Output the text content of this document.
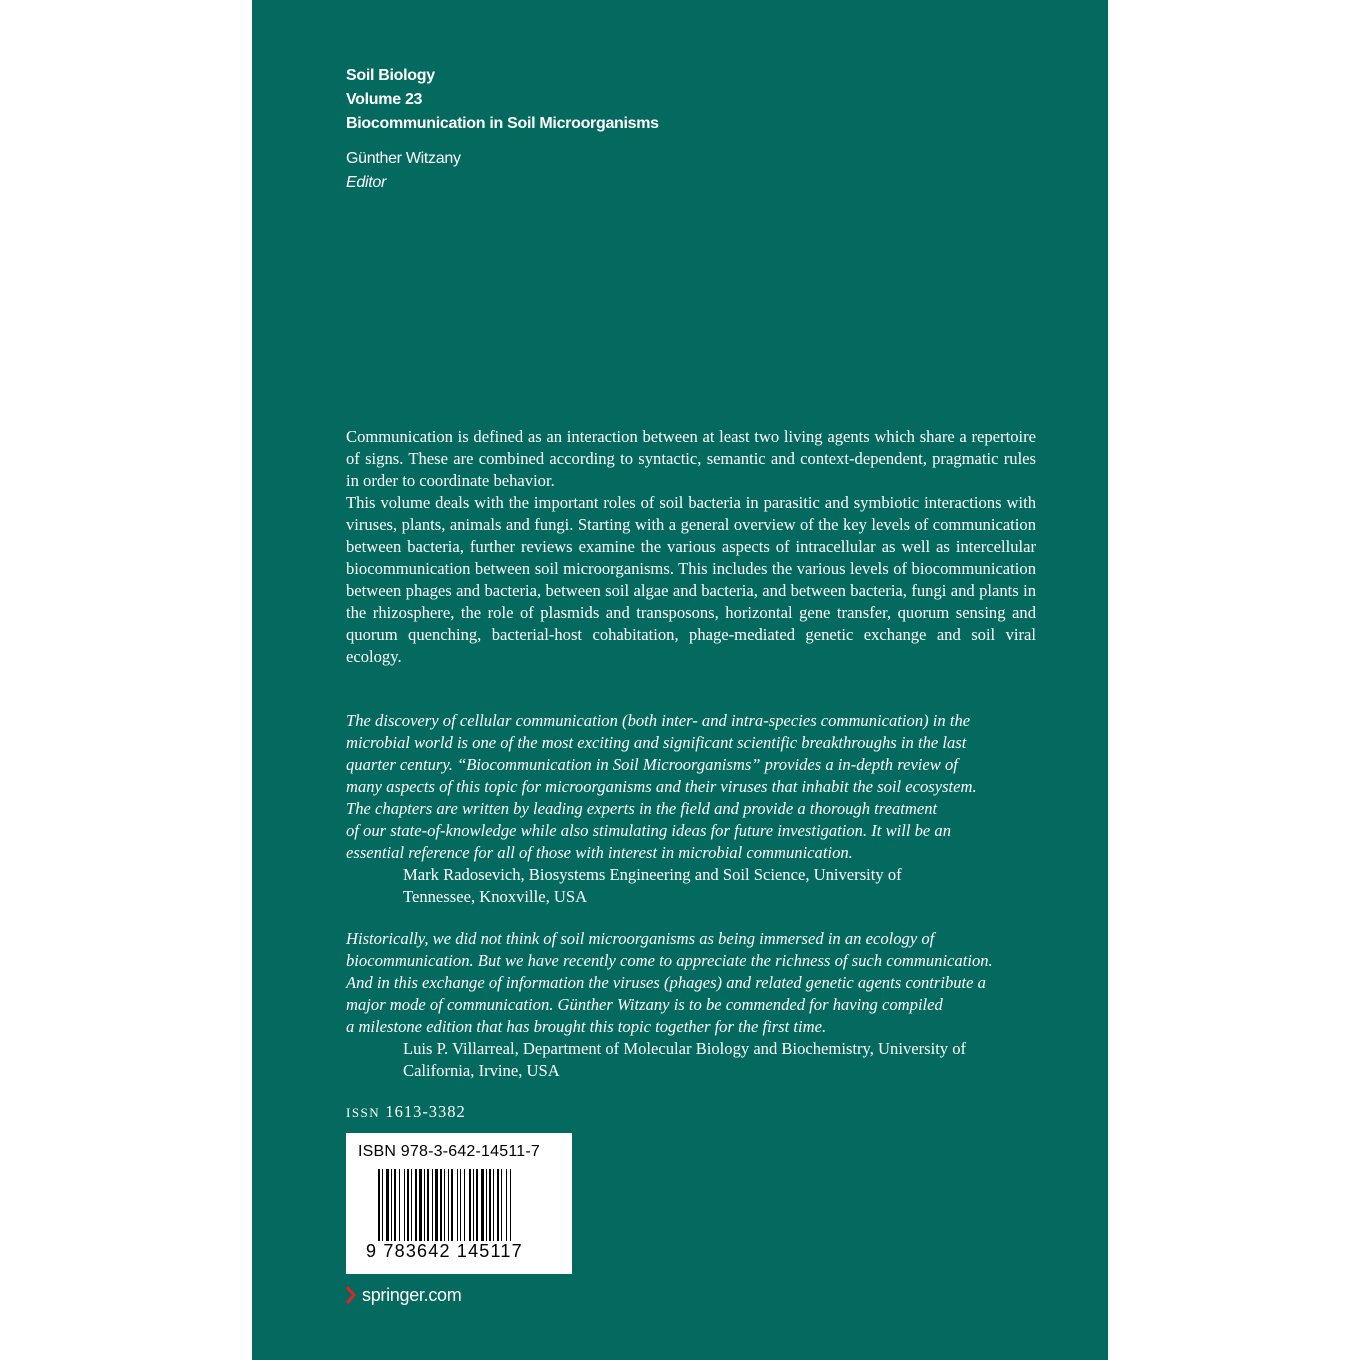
Soil Biology
Volume 23
Biocommunication in Soil Microorganisms
Günther Witzany
Editor

Communication is defined as an interaction between at least two living agents which share a repertoire of signs. These are combined according to syntactic, semantic and context-dependent, pragmatic rules in order to coordinate behavior.

This volume deals with the important roles of soil bacteria in parasitic and symbiotic interactions with viruses, plants, animals and fungi. Starting with a general overview of the key levels of communication between bacteria, further reviews examine the various aspects of intracellular as well as intercellular biocommunication between soil microorganisms. This includes the various levels of biocommunication between phages and bacteria, between soil algae and bacteria, and between bacteria, fungi and plants in the rhizosphere, the role of plasmids and transposons, horizontal gene transfer, quorum sensing and quorum quenching, bacterial-host cohabitation, phage-mediated genetic exchange and soil viral ecology.

The discovery of cellular communication (both inter- and intra-species communication) in the

microbial world is one of the most exciting and significant scientific breakthroughs in the last

quarter century. “Biocommunication in Soil Microorganisms” provides a in-depth review of

many aspects of this topic for microorganisms and their viruses that inhabit the soil ecosystem.

The chapters are written by leading experts in the field and provide a thorough treatment

of our state-of-knowledge while also stimulating ideas for future investigation. It will be an

essential reference for all of those with interest in microbial communication.

Mark Radosevich, Biosystems Engineering and Soil Science, University of

Tennessee, Knoxville, USA

Historically, we did not think of soil microorganisms as being immersed in an ecology of

biocommunication. But we have recently come to appreciate the richness of such communication.

And in this exchange of information the viruses (phages) and related genetic agents contribute a

major mode of communication. Günther Witzany is to be commended for having compiled

a milestone edition that has brought this topic together for the first time.

Luis P. Villarreal, Department of Molecular Biology and Biochemistry, University of

California, Irvine, USA

ISSN 1613-3382
ISBN 978-3-642-14511-7
9 783642 145117
springer.com
